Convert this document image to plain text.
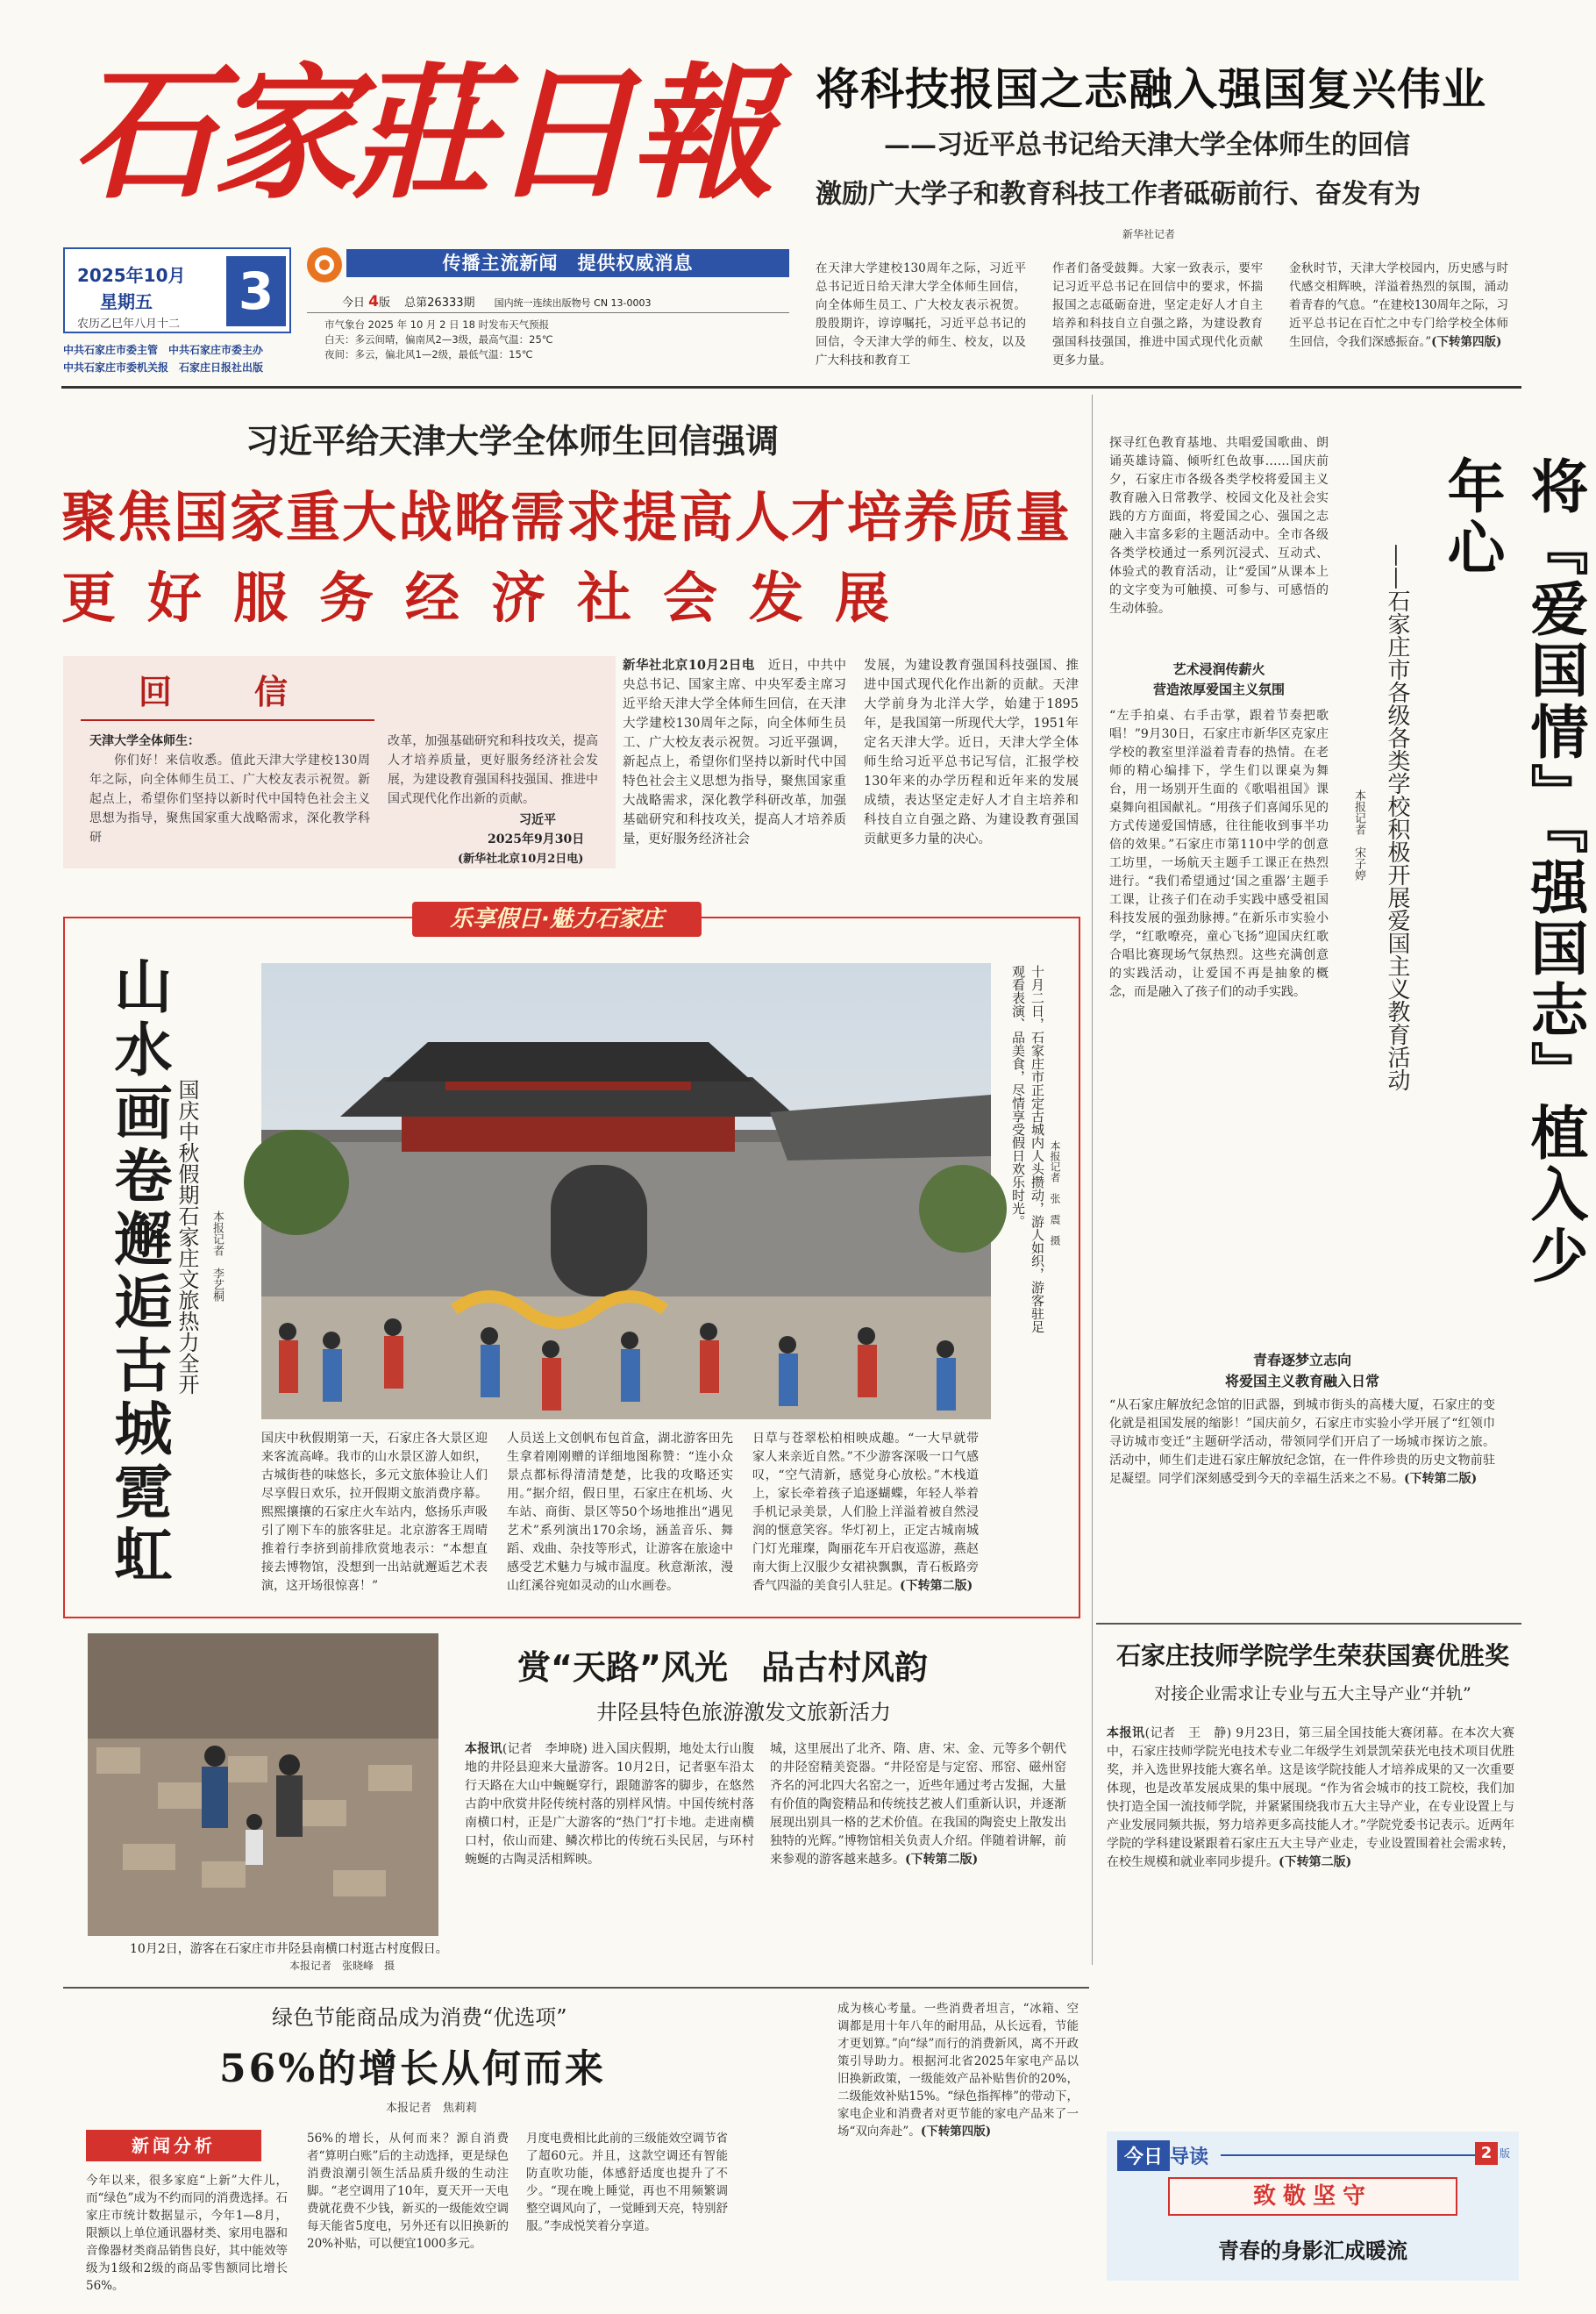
石家莊日報
2025年10月
星期五
农历乙巳年八月十二
3
中共石家庄市委主管　中共石家庄市委主办
中共石家庄市委机关报　石家庄日报社出版
传播主流新闻　提供权威消息
今日 4版 总第26333期 国内统一连续出版物号 CN 13-0003
市气象台 2025 年 10 月 2 日 18 时发布天气预报
白天：多云间晴，偏南风2—3级，最高气温：25℃
夜间：多云，偏北风1—2级，最低气温：15℃
将科技报国之志融入强国复兴伟业
——习近平总书记给天津大学全体师生的回信
激励广大学子和教育科技工作者砥砺前行、奋发有为
新华社记者
在天津大学建校130周年之际，习近平总书记近日给天津大学全体师生回信，向全体师生员工、广大校友表示祝贺。殷殷期许，谆谆嘱托，习近平总书记的回信，令天津大学的师生、校友，以及广大科技和教育工
作者们备受鼓舞。大家一致表示，要牢记习近平总书记在回信中的要求，怀揣报国之志砥砺奋进，坚定走好人才自主培养和科技自立自强之路，为建设教育强国科技强国，推进中国式现代化贡献更多力量。
金秋时节，天津大学校园内，历史感与时代感交相辉映，洋溢着热烈的氛围，涌动着青春的气息。“在建校130周年之际，习近平总书记在百忙之中专门给学校全体师生回信，令我们深感振奋。”(下转第四版)
习近平给天津大学全体师生回信强调
聚焦国家重大战略需求提高人才培养质量
更好服务经济社会发展
回　信
天津大学全体师生：
你们好！来信收悉。值此天津大学建校130周年之际，向全体师生员工、广大校友表示祝贺。新起点上，希望你们坚持以新时代中国特色社会主义思想为指导，聚焦国家重大战略需求，深化教学科研
改革，加强基础研究和科技攻关，提高人才培养质量，更好服务经济社会发展，为建设教育强国科技强国、推进中国式现代化作出新的贡献。
习近平
2025年9月30日
(新华社北京10月2日电)
新华社北京10月2日电　 近日，中共中央总书记、国家主席、中央军委主席习近平给天津大学全体师生回信，在天津大学建校130周年之际，向全体师生员工、广大校友表示祝贺。习近平强调，新起点上，希望你们坚持以新时代中国特色社会主义思想为指导，聚焦国家重大战略需求，深化教学科研改革，加强基础研究和科技攻关，提高人才培养质量，更好服务经济社会
发展，为建设教育强国科技强国、推进中国式现代化作出新的贡献。天津大学前身为北洋大学，始建于1895年，是我国第一所现代大学，1951年定名天津大学。近日，天津大学全体师生给习近平总书记写信，汇报学校130年来的办学历程和近年来的发展成绩，表达坚定走好人才自主培养和科技自立自强之路、为建设教育强国贡献更多力量的决心。	将『爱国情』『强国志』植入少年心
——石家庄市各级各类学校积极开展爱国主义教育活动
本报记者　宋子婷
探寻红色教育基地、共唱爱国歌曲、朗诵英雄诗篇、倾听红色故事……国庆前夕，石家庄市各级各类学校将爱国主义教育融入日常教学、校园文化及社会实践的方方面面，将爱国之心、强国之志融入丰富多彩的主题活动中。全市各级各类学校通过一系列沉浸式、互动式、体验式的教育活动，让“爱国”从课本上的文字变为可触摸、可参与、可感悟的生动体验。
艺术浸润传薪火
营造浓厚爱国主义氛围
“左手拍桌、右手击掌，跟着节奏把歌唱！”9月30日，石家庄市新华区克家庄学校的教室里洋溢着青春的热情。在老师的精心编排下，学生们以课桌为舞台，用一场别开生面的《歌唱祖国》课桌舞向祖国献礼。“用孩子们喜闻乐见的方式传递爱国情感，往往能收到事半功倍的效果。”石家庄市第110中学的创意工坊里，一场航天主题手工课正在热烈进行。“我们希望通过‘国之重器’主题手工课，让孩子们在动手实践中感受祖国科技发展的强劲脉搏。”在新乐市实验小学，“红歌嘹亮，童心飞扬”迎国庆红歌合唱比赛现场气氛热烈。这些充满创意的实践活动，让爱国不再是抽象的概念，而是融入了孩子们的动手实践。
青春逐梦立志向
将爱国主义教育融入日常
“从石家庄解放纪念馆的旧武器，到城市街头的高楼大厦，石家庄的变化就是祖国发展的缩影！”国庆前夕，石家庄市实验小学开展了“红领巾寻访城市变迁”主题研学活动，带领同学们开启了一场城市探访之旅。活动中，师生们走进石家庄解放纪念馆，在一件件珍贵的历史文物前驻足凝望。同学们深刻感受到今天的幸福生活来之不易。(下转第二版)
乐享假日·魅力石家庄
山水画卷邂逅古城霓虹 国庆中秋假期石家庄文旅热力全开	本报记者　李艺桐	十月二日，石家庄市正定古城内人头攒动，游人如织，游客驻足观看表演、品美食，尽情享受假日欢乐时光。	本报记者　张　震　摄
国庆中秋假期第一天，石家庄各大景区迎来客流高峰。我市的山水景区游人如织，古城街巷的味悠长，多元文旅体验让人们尽享假日欢乐，拉开假期文旅消费序幕。熙熙攘攘的石家庄火车站内，悠扬乐声吸引了刚下车的旅客驻足。北京游客王周晴推着行李挤到前排欣赏地表示：“本想直接去博物馆，没想到一出站就邂逅艺术表演，这开场很惊喜！”
人员送上文创帆布包首盒，湖北游客田先生拿着刚刚赠的详细地图称赞：“连小众景点都标得清清楚楚，比我的攻略还实用。”据介绍，假日里，石家庄在机场、火车站、商街、景区等50个场地推出“遇见艺术”系列演出170余场，涵盖音乐、舞蹈、戏曲、杂技等形式，让游客在旅途中感受艺术魅力与城市温度。秋意渐浓，漫山红溪谷宛如灵动的山水画卷。
日草与苍翠松柏相映成趣。“一大早就带家人来亲近自然。”不少游客深吸一口气感叹，“空气清新，感觉身心放松。”木栈道上，家长牵着孩子追逐蝴蝶，年轻人举着手机记录美景，人们脸上洋溢着被自然浸润的惬意笑容。华灯初上，正定古城南城门灯光璀璨，陶丽花车开启夜巡游，燕赵南大街上汉服少女裙袂飘飘，青石板路旁香气四溢的美食引人驻足。(下转第二版)
10月2日，游客在石家庄市井陉县南横口村逛古村度假日。
本报记者　张晓峰　摄
赏“天路”风光　品古村风韵
井陉县特色旅游激发文旅新活力
本报讯(记者　李坤晓) 进入国庆假期，地处太行山腹地的井陉县迎来大量游客。10月2日，记者驱车沿太行天路在大山中蜿蜒穿行，跟随游客的脚步，在悠然古韵中欣赏井陉传统村落的别样风情。中国传统村落南横口村，正是广大游客的“热门”打卡地。走进南横口村，依山而建、鳞次栉比的传统石头民居，与环村蜿蜒的古陶灵活相辉映。
城，这里展出了北齐、隋、唐、宋、金、元等多个朝代的井陉窑精美瓷器。“井陉窑是与定窑、邢窑、磁州窑齐名的河北四大名窑之一，近些年通过考古发掘，大量有价值的陶瓷精品和传统技艺被人们重新认识，并逐渐展现出别具一格的艺术价值。在我国的陶瓷史上散发出独特的光辉。”博物馆相关负责人介绍。伴随着讲解，前来参观的游客越来越多。(下转第二版)
绿色节能商品成为消费“优选项”
56%的增长从何而来
本报记者　焦莉莉
新闻分析
今年以来，很多家庭“上新”大件儿，而“绿色”成为不约而同的消费选择。石家庄市统计数据显示，今年1—8月，限额以上单位通讯器材类、家用电器和音像器材类商品销售良好，其中能效等级为1级和2级的商品零售额同比增长56%。
56%的增长，从何而来？源自消费者“算明白账”后的主动选择，更是绿色消费浪潮引领生活品质升级的生动注脚。“老空调用了10年，夏天开一天电费就花费不少钱，新买的一级能效空调每天能省5度电，另外还有以旧换新的20%补贴，可以便宜1000多元。
月度电费相比此前的三级能效空调节省了超60元。并且，这款空调还有智能防直吹功能，体感舒适度也提升了不少。“现在晚上睡觉，再也不用频繁调整空调风向了，一觉睡到天亮，特别舒服。”李成悦笑着分享道。
成为核心考量。一些消费者坦言，“冰箱、空调都是用十年八年的耐用品，从长远看，节能才更划算。”向“绿”而行的消费新风，离不开政策引导助力。根据河北省2025年家电产品以旧换新政策，一级能效产品补贴售价的20%，二级能效补贴15%。“绿色指挥棒”的带动下，家电企业和消费者对更节能的家电产品来了一场“双向奔赴”。(下转第四版)
石家庄技师学院学生荣获国赛优胜奖
对接企业需求让专业与五大主导产业“并轨”
本报讯(记者　王　静) 9月23日，第三届全国技能大赛闭幕。在本次大赛中，石家庄技师学院光电技术专业二年级学生刘景凯荣获光电技术项目优胜奖，并入选世界技能大赛名单。这是该学院技能人才培养成果的又一次重要体现，也是改革发展成果的集中展现。“作为省会城市的技工院校，我们加快打造全国一流技师学院，并紧紧围绕我市五大主导产业，在专业设置上与产业发展同频共振，努力培养更多高技能人才。”学院党委书记表示。近两年学院的学科建设紧跟着石家庄五大主导产业走，专业设置围着社会需求转，在校生规模和就业率同步提升。(下转第二版)
今日 导读	2 版
致敬坚守
青春的身影汇成暖流
